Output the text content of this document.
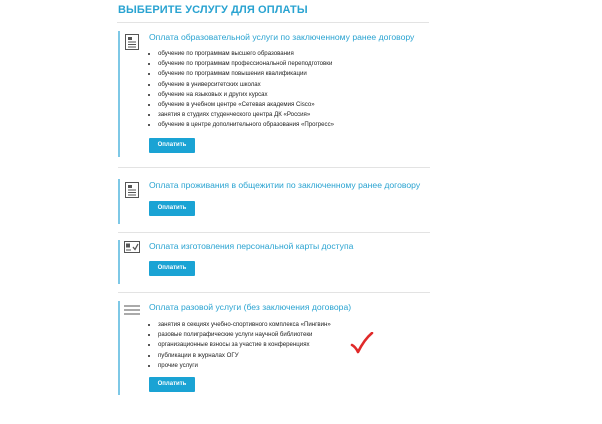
ВЫБЕРИТЕ УСЛУГУ ДЛЯ ОПЛАТЫ
Оплата образовательной услуги по заключенному ранее договору
• обучение по программам высшего образования
• обучение по программам профессиональной переподготовки
• обучение по программам повышения квалификации
• обучение в университетских школах
• обучение на языковых и других курсах
• обучение в учебном центре «Сетевая академия Cisco»
• занятия в студиях студенческого центра ДК «Россия»
• обучение в центре дополнительного образования «Прогресс»
Оплатить
Оплата проживания в общежитии по заключенному ранее договору
Оплатить
Оплата изготовления персональной карты доступа
Оплатить
Оплата разовой услуги (без заключения договора)
• занятия в секциях учебно-спортивного комплекса «Пингвин»
• разовые полиграфические услуги научной библиотеки
• организационные взносы за участие в конференциях
• публикации в журналах ОГУ
• прочие услуги
Оплатить
